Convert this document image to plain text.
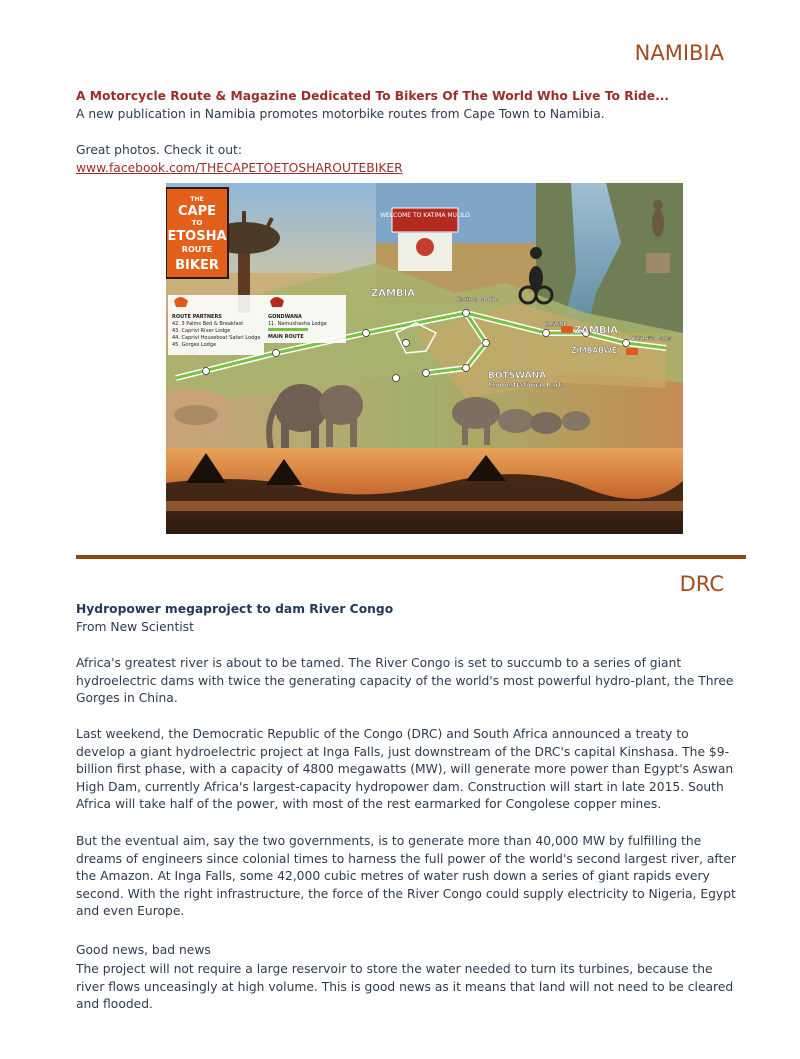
NAMIBIA
A Motorcycle Route & Magazine Dedicated To Bikers Of The World Who Live To Ride...
A new publication in Namibia promotes motorbike routes from Cape Town to Namibia.
Great photos. Check it out:
www.facebook.com/THECAPETOETOSHAROUTEBIKER
WELCOME TO KATIMA MULILO
THE
CAPE
TO
ETOSHA
ROUTE
BIKER
ROUTE PARTNERS
42. 3 Palms Bed & Breakfast
43. Caprivi River Lodge
44. Caprivi Houseboat Safari Lodge
45. Gorges Lodge
GONDWANA
11. Namushasha Lodge
MAIN ROUTE
ZAMBIA
ZAMBIA
ZIMBABWE
BOTSWANA
Chobe National Park
Katima Mulilo
KASANE
Victoria Falls
DRC
Hydropower megaproject to dam River Congo
From New Scientist

Africa's greatest river is about to be tamed. The River Congo is set to succumb to a series of giant hydroelectric dams with twice the generating capacity of the world's most powerful hydro-plant, the Three Gorges in China.

Last weekend, the Democratic Republic of the Congo (DRC) and South Africa announced a treaty to develop a giant hydroelectric project at Inga Falls, just downstream of the DRC's capital Kinshasa. The $9-billion first phase, with a capacity of 4800 megawatts (MW), will generate more power than Egypt's Aswan High Dam, currently Africa's largest-capacity hydropower dam. Construction will start in late 2015. South Africa will take half of the power, with most of the rest earmarked for Congolese copper mines.

But the eventual aim, say the two governments, is to generate more than 40,000 MW by fulfilling the dreams of engineers since colonial times to harness the full power of the world's second largest river, after the Amazon. At Inga Falls, some 42,000 cubic metres of water rush down a series of giant rapids every second. With the right infrastructure, the force of the River Congo could supply electricity to Nigeria, Egypt and even Europe.

Good news, bad news

The project will not require a large reservoir to store the water needed to turn its turbines, because the river flows unceasingly at high volume. This is good news as it means that land will not need to be cleared and flooded.
